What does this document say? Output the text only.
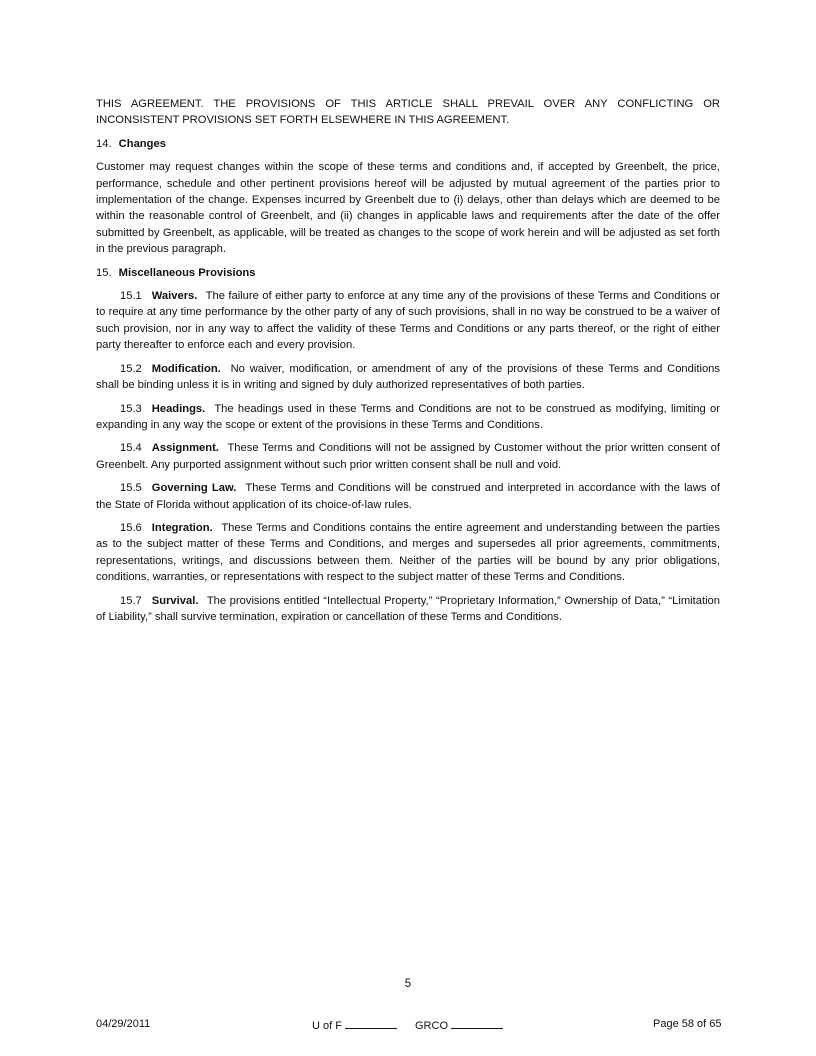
THIS AGREEMENT. THE PROVISIONS OF THIS ARTICLE SHALL PREVAIL OVER ANY CONFLICTING OR INCONSISTENT PROVISIONS SET FORTH ELSEWHERE IN THIS AGREEMENT.

14. Changes

Customer may request changes within the scope of these terms and conditions and, if accepted by Greenbelt, the price, performance, schedule and other pertinent provisions hereof will be adjusted by mutual agreement of the parties prior to implementation of the change. Expenses incurred by Greenbelt due to (i) delays, other than delays which are deemed to be within the reasonable control of Greenbelt, and (ii) changes in applicable laws and requirements after the date of the offer submitted by Greenbelt, as applicable, will be treated as changes to the scope of work herein and will be adjusted as set forth in the previous paragraph.

15. Miscellaneous Provisions

15.1 Waivers. The failure of either party to enforce at any time any of the provisions of these Terms and Conditions or to require at any time performance by the other party of any of such provisions, shall in no way be construed to be a waiver of such provision, nor in any way to affect the validity of these Terms and Conditions or any parts thereof, or the right of either party thereafter to enforce each and every provision.

15.2 Modification. No waiver, modification, or amendment of any of the provisions of these Terms and Conditions shall be binding unless it is in writing and signed by duly authorized representatives of both parties.

15.3 Headings. The headings used in these Terms and Conditions are not to be construed as modifying, limiting or expanding in any way the scope or extent of the provisions in these Terms and Conditions.

15.4 Assignment. These Terms and Conditions will not be assigned by Customer without the prior written consent of Greenbelt. Any purported assignment without such prior written consent shall be null and void.

15.5 Governing Law. These Terms and Conditions will be construed and interpreted in accordance with the laws of the State of Florida without application of its choice-of-law rules.

15.6 Integration. These Terms and Conditions contains the entire agreement and understanding between the parties as to the subject matter of these Terms and Conditions, and merges and supersedes all prior agreements, commitments, representations, writings, and discussions between them. Neither of the parties will be bound by any prior obligations, conditions, warranties, or representations with respect to the subject matter of these Terms and Conditions.

15.7 Survival. The provisions entitled “Intellectual Property,” “Proprietary Information,” Ownership of Data,” “Limitation of Liability,” shall survive termination, expiration or cancellation of these Terms and Conditions.

5
04/29/2011	U of F	GRCO	Page 58 of 65
